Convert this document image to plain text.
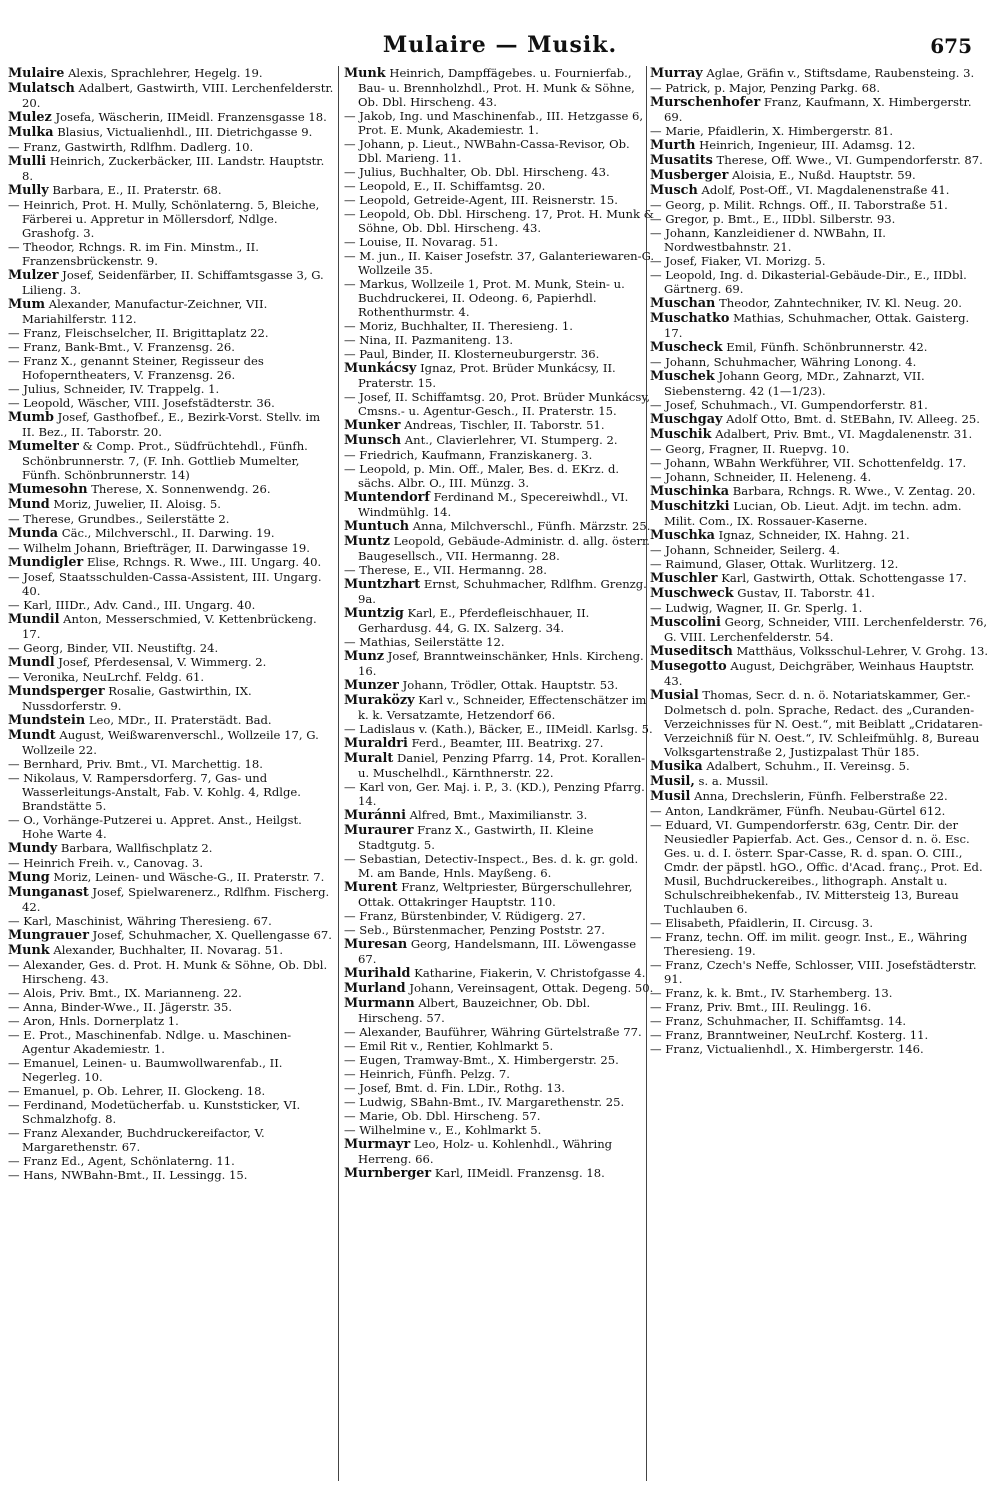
Mulaire — Musik.	675
Mulaire Alexis, Sprachlehrer, Hegelg. 19.
Mulatsch Adalbert, Gastwirth, VIII. Lerchenfelderstr. 20.
Mulez Josefa, Wäscherin, IIMeidl. Franzensgasse 18.
Mulka Blasius, Victualienhdl., III. Dietrichgasse 9.
— Franz, Gastwirth, Rdlfhm. Dadlerg. 10.
Mulli Heinrich, Zuckerbäcker, III. Landstr. Hauptstr. 8.
Mully Barbara, E., II. Praterstr. 68.
— Heinrich, Prot. H. Mully, Schönlaterng. 5, Bleiche, Färberei u. Appretur in Möllersdorf, Ndlge. Grashofg. 3.
— Theodor, Rchngs. R. im Fin. Minstm., II. Franzensbrückenstr. 9.
Mulzer Josef, Seidenfärber, II. Schiffamtsgasse 3, G. Lilieng. 3.
Mum Alexander, Manufactur-Zeichner, VII. Mariahilferstr. 112.
— Franz, Fleischselcher, II. Brigittaplatz 22.
— Franz, Bank-Bmt., V. Franzensg. 26.
— Franz X., genannt Steiner, Regisseur des Hofoperntheaters, V. Franzensg. 26.
— Julius, Schneider, IV. Trappelg. 1.
— Leopold, Wäscher, VIII. Josefstädterstr. 36.
Mumb Josef, Gasthofbef., E., Bezirk-Vorst. Stellv. im II. Bez., II. Taborstr. 20.
Mumelter & Comp. Prot., Südfrüchtehdl., Fünfh. Schönbrunnerstr. 7, (F. Inh. Gottlieb Mumelter, Fünfh. Schönbrunnerstr. 14)
Mumesohn Therese, X. Sonnenwendg. 26.
Mund Moriz, Juwelier, II. Aloisg. 5.
— Therese, Grundbes., Seilerstätte 2.
Munda Cäc., Milchverschl., II. Darwing. 19.
— Wilhelm Johann, Briefträger, II. Darwingasse 19.
Mundigler Elise, Rchngs. R. Wwe., III. Ungarg. 40.
— Josef, Staatsschulden-Cassa-Assistent, III. Ungarg. 40.
— Karl, IIIDr., Adv. Cand., III. Ungarg. 40.
Mundil Anton, Messerschmied, V. Kettenbrückeng. 17.
— Georg, Binder, VII. Neustiftg. 24.
Mundl Josef, Pferdesensal, V. Wimmerg. 2.
— Veronika, NeuLrchf. Feldg. 61.
Mundsperger Rosalie, Gastwirthin, IX. Nussdorferstr. 9.
Mundstein Leo, MDr., II. Praterstädt. Bad.
Mundt August, Weißwarenverschl., Wollzeile 17, G. Wollzeile 22.
— Bernhard, Priv. Bmt., VI. Marchettig. 18.
— Nikolaus, V. Rampersdorferg. 7, Gas- und Wasserleitungs-Anstalt, Fab. V. Kohlg. 4, Rdlge. Brandstätte 5.
— O., Vorhänge-Putzerei u. Appret. Anst., Heilgst. Hohe Warte 4.
Mundy Barbara, Wallfischplatz 2.
— Heinrich Freih. v., Canovag. 3.
Mung Moriz, Leinen- und Wäsche-G., II. Praterstr. 7.
Munganast Josef, Spielwarenerz., Rdlfhm. Fischerg. 42.
— Karl, Maschinist, Währing Theresieng. 67.
Mungrauer Josef, Schuhmacher, X. Quellengasse 67.
Munk Alexander, Buchhalter, II. Novarag. 51.
— Alexander, Ges. d. Prot. H. Munk & Söhne, Ob. Dbl. Hirscheng. 43.
— Alois, Priv. Bmt., IX. Marianneng. 22.
— Anna, Binder-Wwe., II. Jägerstr. 35.
— Aron, Hnls. Dornerplatz 1.
— E. Prot., Maschinenfab. Ndlge. u. Maschinen-Agentur Akademiestr. 1.
— Emanuel, Leinen- u. Baumwollwarenfab., II. Negerleg. 10.
— Emanuel, p. Ob. Lehrer, II. Glockeng. 18.
— Ferdinand, Modetücherfab. u. Kunststicker, VI. Schmalzhofg. 8.
— Franz Alexander, Buchdruckereifactor, V. Margarethenstr. 67.
— Franz Ed., Agent, Schönlaterng. 11.
— Hans, NWBahn-Bmt., II. Lessingg. 15.
Munk Heinrich, Dampffägebes. u. Fournierfab., Bau- u. Brennholzhdl., Prot. H. Munk & Söhne, Ob. Dbl. Hirscheng. 43.
— Jakob, Ing. und Maschinenfab., III. Hetzgasse 6, Prot. E. Munk, Akademiestr. 1.
— Johann, p. Lieut., NWBahn-Cassa-Revisor, Ob. Dbl. Marieng. 11.
— Julius, Buchhalter, Ob. Dbl. Hirscheng. 43.
— Leopold, E., II. Schiffamtsg. 20.
— Leopold, Getreide-Agent, III. Reisnerstr. 15.
— Leopold, Ob. Dbl. Hirscheng. 17, Prot. H. Munk & Söhne, Ob. Dbl. Hirscheng. 43.
— Louise, II. Novarag. 51.
— M. jun., II. Kaiser Josefstr. 37, Galanteriewaren-G. Wollzeile 35.
— Markus, Wollzeile 1, Prot. M. Munk, Stein- u. Buchdruckerei, II. Odeong. 6, Papierhdl. Rothenthurmstr. 4.
— Moriz, Buchhalter, II. Theresieng. 1.
— Nina, II. Pazmaniteng. 13.
— Paul, Binder, II. Klosterneuburgerstr. 36.
Munkácsy Ignaz, Prot. Brüder Munkácsy, II. Praterstr. 15.
— Josef, II. Schiffamtsg. 20, Prot. Brüder Munkácsy, Cmsns.- u. Agentur-Gesch., II. Praterstr. 15.
Munker Andreas, Tischler, II. Taborstr. 51.
Munsch Ant., Clavierlehrer, VI. Stumperg. 2.
— Friedrich, Kaufmann, Franziskanerg. 3.
— Leopold, p. Min. Off., Maler, Bes. d. EKrz. d. sächs. Albr. O., III. Münzg. 3.
Muntendorf Ferdinand M., Specereiwhdl., VI. Windmühlg. 14.
Muntuch Anna, Milchverschl., Fünfh. Märzstr. 25.
Muntz Leopold, Gebäude-Administr. d. allg. österr. Baugesellsch., VII. Hermanng. 28.
— Therese, E., VII. Hermanng. 28.
Muntzhart Ernst, Schuhmacher, Rdlfhm. Grenzg. 9a.
Muntzig Karl, E., Pferdefleischhauer, II. Gerhardusg. 44, G. IX. Salzerg. 34.
— Mathias, Seilerstätte 12.
Munz Josef, Branntweinschänker, Hnls. Kircheng. 16.
Munzer Johann, Trödler, Ottak. Hauptstr. 53.
Muraközy Karl v., Schneider, Effectenschätzer im k. k. Versatzamte, Hetzendorf 66.
— Ladislaus v. (Kath.), Bäcker, E., IIMeidl. Karlsg. 5.
Muraldri Ferd., Beamter, III. Beatrixg. 27.
Muralt Daniel, Penzing Pfarrg. 14, Prot. Korallen- u. Muschelhdl., Kärnthnerstr. 22.
— Karl von, Ger. Maj. i. P., 3. (KD.), Penzing Pfarrg. 14.
Muránni Alfred, Bmt., Maximilianstr. 3.
Muraurer Franz X., Gastwirth, II. Kleine Stadtgutg. 5.
— Sebastian, Detectiv-Inspect., Bes. d. k. gr. gold. M. am Bande, Hnls. Mayßeng. 6.
Murent Franz, Weltpriester, Bürgerschullehrer, Ottak. Ottakringer Hauptstr. 110.
— Franz, Bürstenbinder, V. Rüdigerg. 27.
— Seb., Bürstenmacher, Penzing Poststr. 27.
Muresan Georg, Handelsmann, III. Löwengasse 67.
Murihald Katharine, Fiakerin, V. Christofgasse 4.
Murland Johann, Vereinsagent, Ottak. Degeng. 50.
Murmann Albert, Bauzeichner, Ob. Dbl. Hirscheng. 57.
— Alexander, Bauführer, Währing Gürtelstraße 77.
— Emil Rit v., Rentier, Kohlmarkt 5.
— Eugen, Tramway-Bmt., X. Himbergerstr. 25.
— Heinrich, Fünfh. Pelzg. 7.
— Josef, Bmt. d. Fin. LDir., Rothg. 13.
— Ludwig, SBahn-Bmt., IV. Margarethenstr. 25.
— Marie, Ob. Dbl. Hirscheng. 57.
— Wilhelmine v., E., Kohlmarkt 5.
Murmayr Leo, Holz- u. Kohlenhdl., Währing Herreng. 66.
Murnberger Karl, IIMeidl. Franzensg. 18.
Murray Aglae, Gräfin v., Stiftsdame, Raubensteing. 3.
— Patrick, p. Major, Penzing Parkg. 68.
Murschenhofer Franz, Kaufmann, X. Himbergerstr. 69.
— Marie, Pfaidlerin, X. Himbergerstr. 81.
Murth Heinrich, Ingenieur, III. Adamsg. 12.
Musatits Therese, Off. Wwe., VI. Gumpendorferstr. 87.
Musberger Aloisia, E., Nußd. Hauptstr. 59.
Musch Adolf, Post-Off., VI. Magdalenenstraße 41.
— Georg, p. Milit. Rchngs. Off., II. Taborstraße 51.
— Gregor, p. Bmt., E., IIDbl. Silberstr. 93.
— Johann, Kanzleidiener d. NWBahn, II. Nordwestbahnstr. 21.
— Josef, Fiaker, VI. Morizg. 5.
— Leopold, Ing. d. Dikasterial-Gebäude-Dir., E., IIDbl. Gärtnerg. 69.
Muschan Theodor, Zahntechniker, IV. Kl. Neug. 20.
Muschatko Mathias, Schuhmacher, Ottak. Gaisterg. 17.
Muscheck Emil, Fünfh. Schönbrunnerstr. 42.
— Johann, Schuhmacher, Währing Lonong. 4.
Muschek Johann Georg, MDr., Zahnarzt, VII. Siebensterng. 42 (1—1/23).
— Josef, Schuhmach., VI. Gumpendorferstr. 81.
Muschgay Adolf Otto, Bmt. d. StEBahn, IV. Alleeg. 25.
Muschik Adalbert, Priv. Bmt., VI. Magdalenenstr. 31.
— Georg, Fragner, II. Ruepvg. 10.
— Johann, WBahn Werkführer, VII. Schottenfeldg. 17.
— Johann, Schneider, II. Heleneng. 4.
Muschinka Barbara, Rchngs. R. Wwe., V. Zentag. 20.
Muschitzki Lucian, Ob. Lieut. Adjt. im techn. adm. Milit. Com., IX. Rossauer-Kaserne.
Muschka Ignaz, Schneider, IX. Hahng. 21.
— Johann, Schneider, Seilerg. 4.
— Raimund, Glaser, Ottak. Wurlitzerg. 12.
Muschler Karl, Gastwirth, Ottak. Schottengasse 17.
Muschweck Gustav, II. Taborstr. 41.
— Ludwig, Wagner, II. Gr. Sperlg. 1.
Muscolini Georg, Schneider, VIII. Lerchenfelderstr. 76, G. VIII. Lerchenfelderstr. 54.
Museditsch Matthäus, Volksschul-Lehrer, V. Grohg. 13.
Musegotto August, Deichgräber, Weinhaus Hauptstr. 43.
Musial Thomas, Secr. d. n. ö. Notariatskammer, Ger.-Dolmetsch d. poln. Sprache, Redact. des „Curanden-Verzeichnisses für N. Oest.“, mit Beiblatt „Cridataren-Verzeichniß für N. Oest.“, IV. Schleifmühlg. 8, Bureau Volksgartenstraße 2, Justizpalast Thür 185.
Musika Adalbert, Schuhm., II. Vereinsg. 5.
Musil, s. a. Mussil.
Musil Anna, Drechslerin, Fünfh. Felberstraße 22.
— Anton, Landkrämer, Fünfh. Neubau-Gürtel 612.
— Eduard, VI. Gumpendorferstr. 63g, Centr. Dir. der Neusiedler Papierfab. Act. Ges., Censor d. n. ö. Esc. Ges. u. d. I. österr. Spar-Casse, R. d. span. O. CIII., Cmdr. der päpstl. hGO., Offic. d'Acad. franç., Prot. Ed. Musil, Buchdruckereibes., lithograph. Anstalt u. Schulschreibhekenfab., IV. Mittersteig 13, Bureau Tuchlauben 6.
— Elisabeth, Pfaidlerin, II. Circusg. 3.
— Franz, techn. Off. im milit. geogr. Inst., E., Währing Theresieng. 19.
— Franz, Czech's Neffe, Schlosser, VIII. Josefstädterstr. 91.
— Franz, k. k. Bmt., IV. Starhemberg. 13.
— Franz, Priv. Bmt., III. Reulingg. 16.
— Franz, Schuhmacher, II. Schiffamtsg. 14.
— Franz, Branntweiner, NeuLrchf. Kosterg. 11.
— Franz, Victualienhdl., X. Himbergerstr. 146.
